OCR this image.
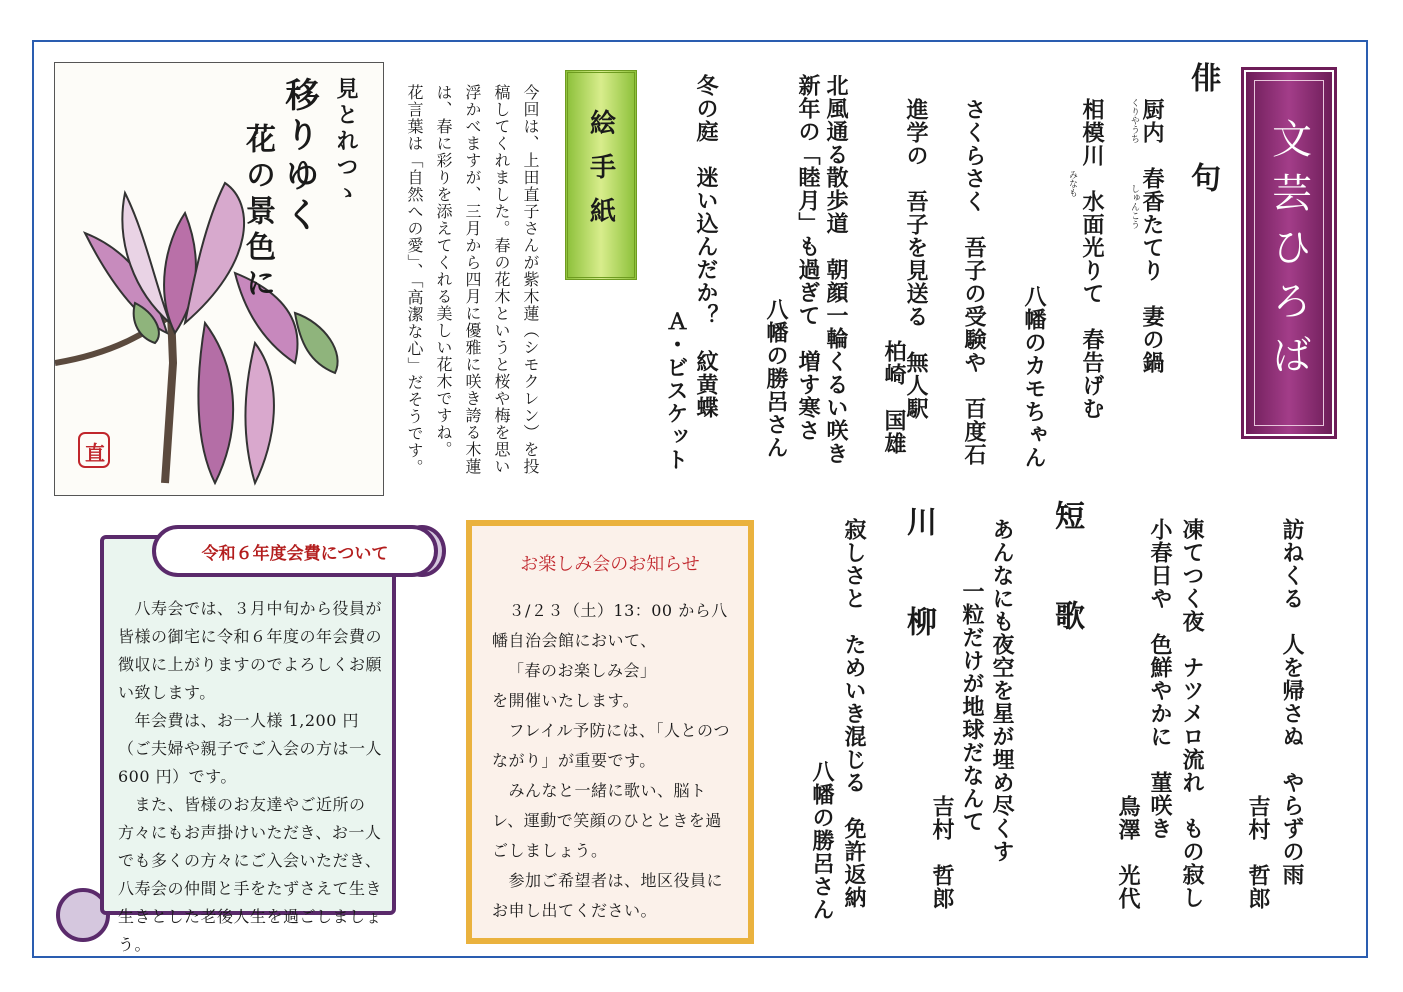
文芸ひろば
俳　句
厨内　春香たてり　妻の鍋
くりやうち
しゅんこう
相模川　水面光りて　春告げむ
みなも
八幡のカモちゃん
さくらさく　吾子の受験や　百度石
進学の　吾子を見送る　無人駅
柏崎　国雄
北風通る散歩道　朝顔一輪くるい咲き
新年の「睦月」も過ぎて　増す寒さ
八幡の勝呂さん
冬の庭　迷い込んだか？　紋黄蝶
Ａ・ビスケット
訪ねくる　人を帰さぬ　やらずの雨
吉村　哲郎
凍てつく夜　ナツメロ流れ　もの寂し
小春日や　色鮮やかに　菫咲き
鳥澤　光代
短　歌
あんなにも夜空を星が埋め尽くす
一粒だけが地球だなんて
吉村　哲郎
川　柳
寂しさと　ためいき混じる　免許返納
八幡の勝呂さん
絵手紙
今回は、上田直子さんが紫木蓮（シモクレン）を投
稿してくれました。春の花木というと桜や梅を思い
浮かべますが、三月から四月に優雅に咲き誇る木蓮
は、春に彩りを添えてくれる美しい花木ですね。
花言葉は「自然への愛」、「高潔な心」だそうです。
移りゆく
花の景色に	見とれつゝ
直

　八寿会では、３月中旬から役員が皆様の御宅に令和６年度の年会費の徴収に上がりますのでよろしくお願い致します。

　年会費は、お一人様 1,200 円（ご夫婦や親子でご入会の方は一人 600 円）です。

　また、皆様のお友達やご近所の方々にもお声掛けいただき、お一人でも多くの方々にご入会いただき、八寿会の仲間と手をたずさえて生き生きとした老後人生を過ごしましょう。

令和６年度会費について
お楽しみ会のお知らせ

　３/２３（土）13：00 から八幡自治会館において、

「春のお楽しみ会」

を開催いたします。

　フレイル予防には、「人とのつながり」が重要です。

　みんなと一緒に歌い、脳トレ、運動で笑顔のひとときを過ごしましょう。

　参加ご希望者は、地区役員にお申し出てください。
